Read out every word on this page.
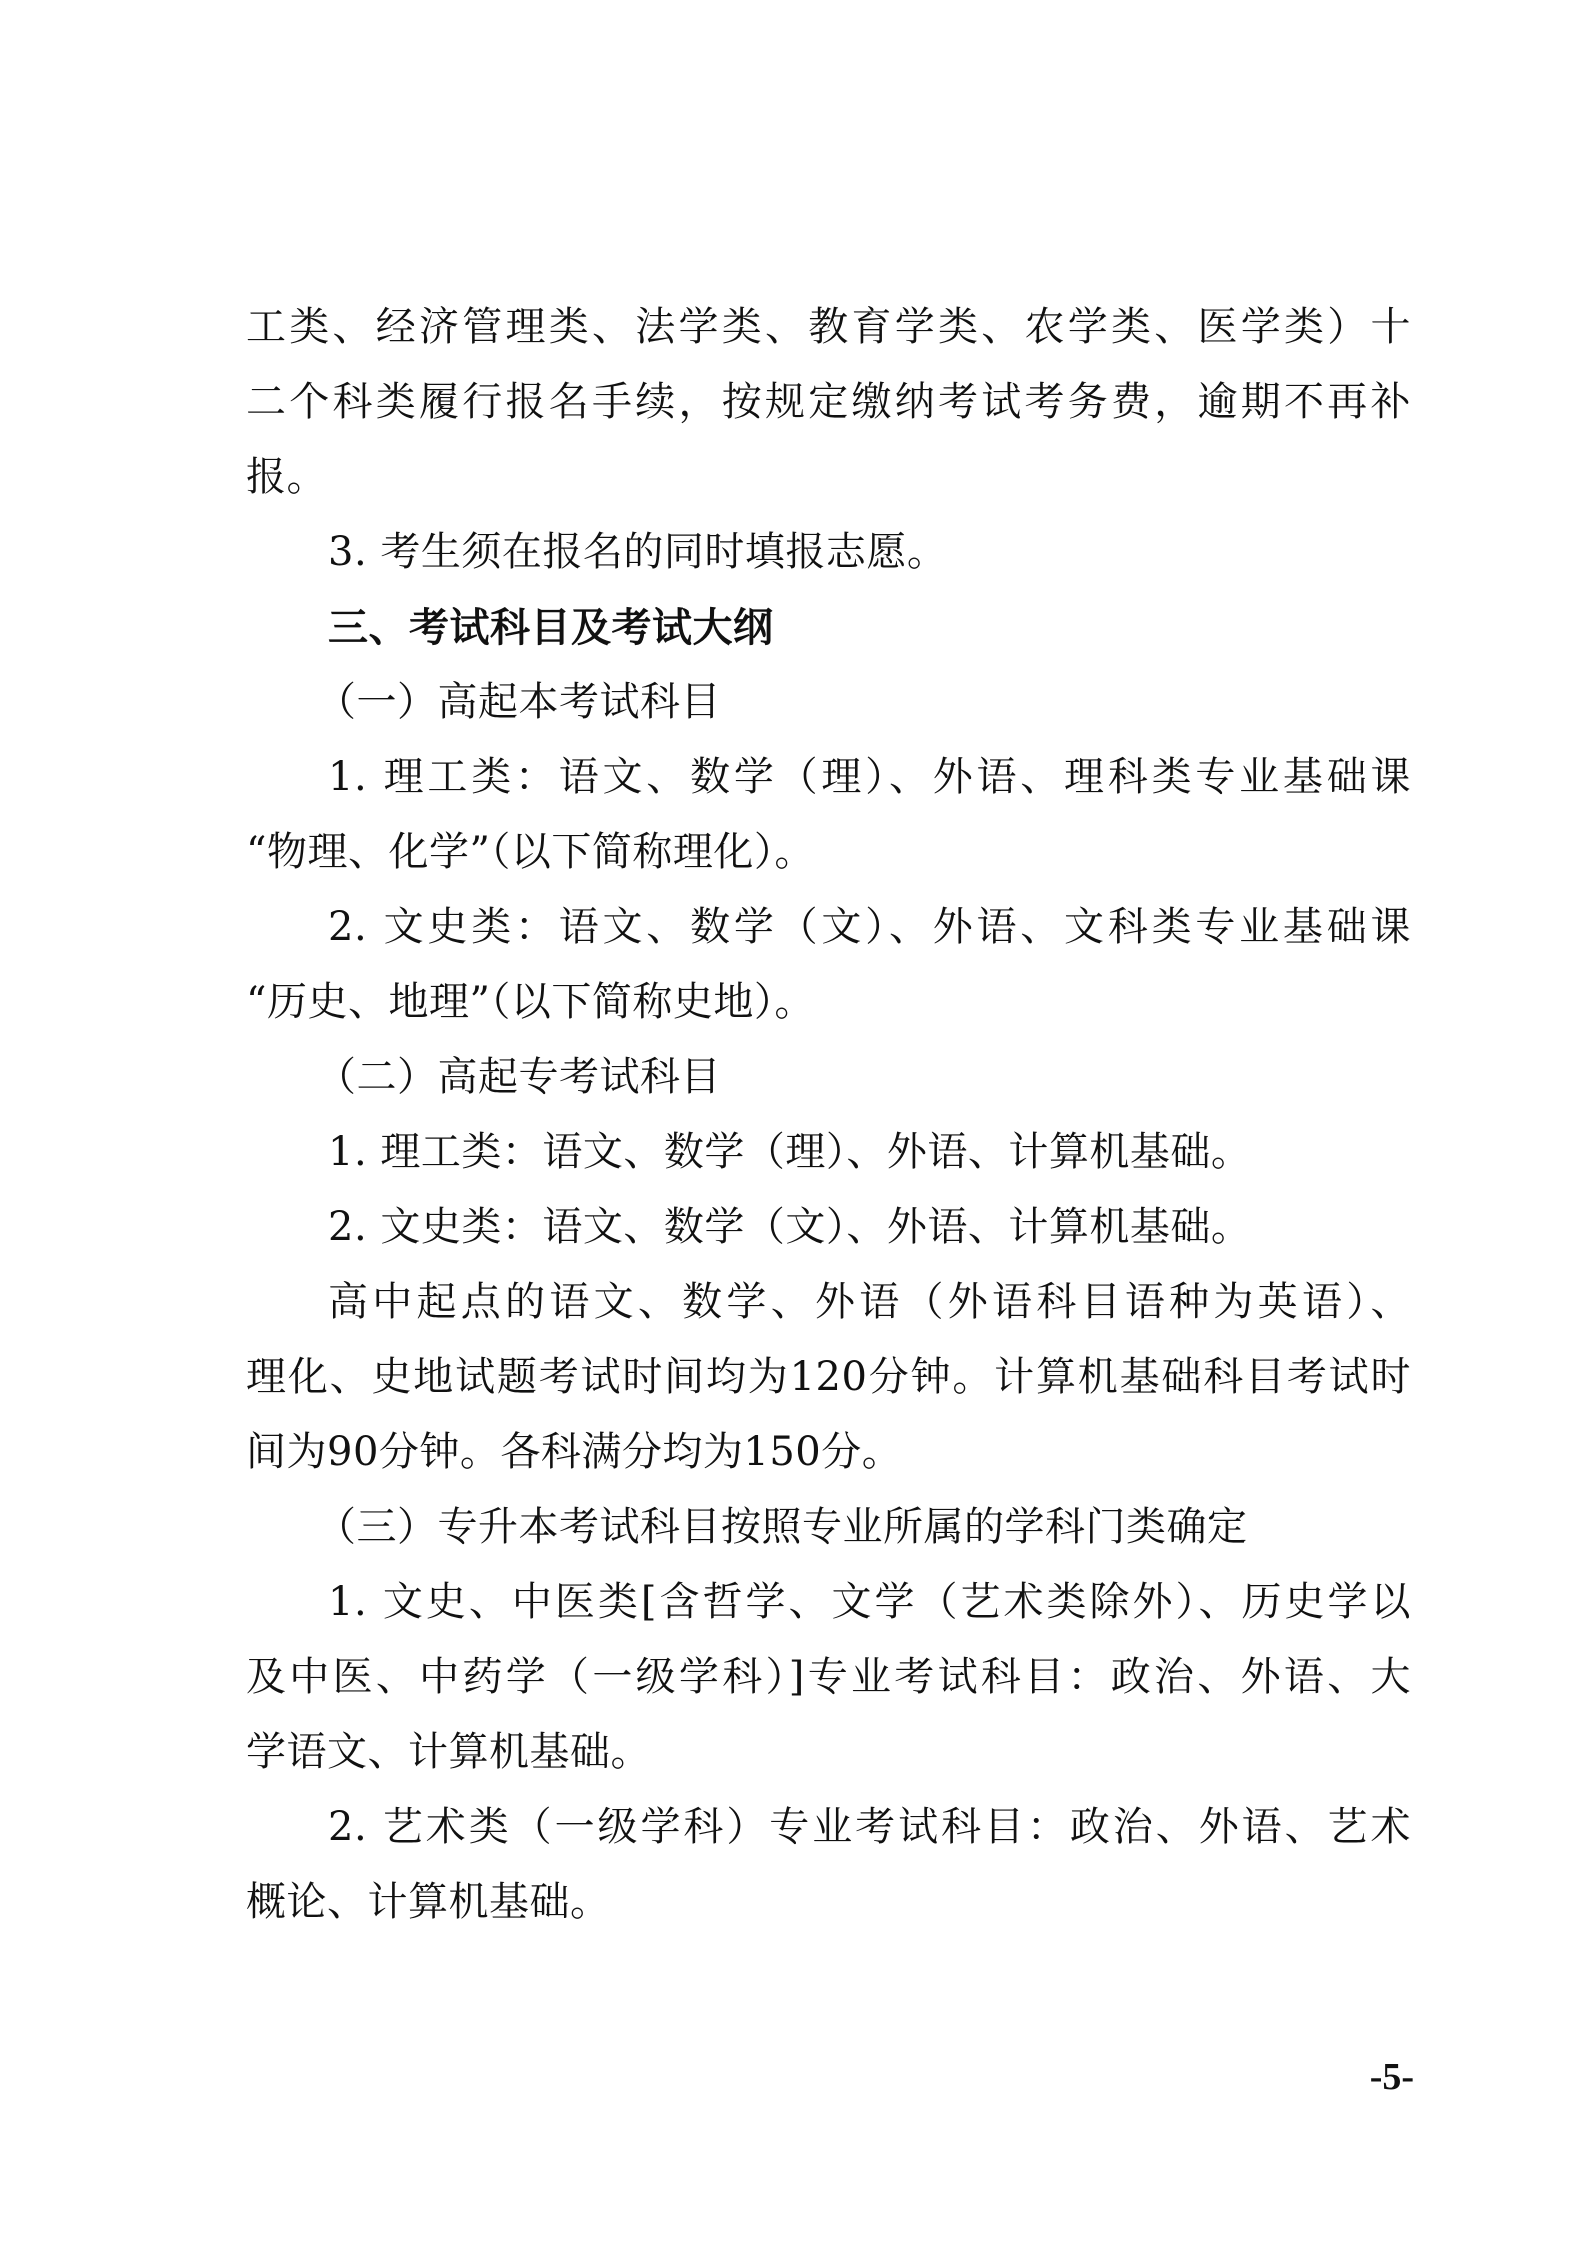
工类、经济管理类、法学类、教育学类、农学类、医学类）十
二个科类履行报名手续，按规定缴纳考试考务费，逾期不再补
报。
3. 考生须在报名的同时填报志愿。
三、考试科目及考试大纲
（一）高起本考试科目
1. 理工类：语文、数学（理）、外语、理科类专业基础课
“物理、化学”（以下简称理化）。
2. 文史类：语文、数学（文）、外语、文科类专业基础课
“历史、地理”（以下简称史地）。
（二）高起专考试科目
1. 理工类：语文、数学（理）、外语、计算机基础。
2. 文史类：语文、数学（文）、外语、计算机基础。
高中起点的语文、数学、外语（外语科目语种为英语）、
理化、史地试题考试时间均为120分钟。计算机基础科目考试时
间为90分钟。各科满分均为150分。
（三）专升本考试科目按照专业所属的学科门类确定
1. 文史、中医类[含哲学、文学（艺术类除外）、历史学以
及中医、中药学（一级学科）]专业考试科目：政治、外语、大
学语文、计算机基础。
2. 艺术类（一级学科）专业考试科目：政治、外语、艺术
概论、计算机基础。
-5-
